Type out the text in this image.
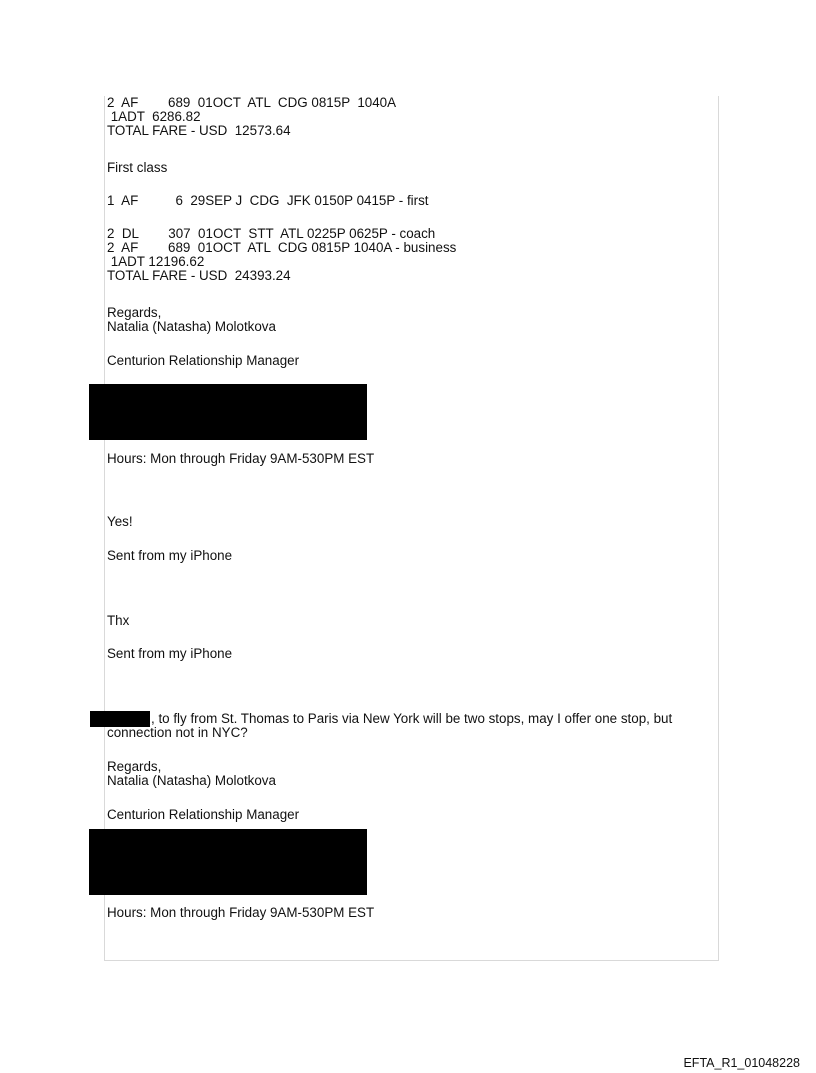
2  AF        689  01OCT  ATL  CDG 0815P  1040A
1ADT  6286.82
TOTAL FARE - USD  12573.64
First class
1  AF          6  29SEP J  CDG  JFK 0150P 0415P - first
2  DL        307  01OCT  STT  ATL 0225P 0625P - coach
2  AF        689  01OCT  ATL  CDG 0815P 1040A - business
1ADT 12196.62
TOTAL FARE - USD  24393.24
Regards,
Natalia (Natasha) Molotkova
Centurion Relationship Manager
Hours: Mon through Friday 9AM-530PM EST
Yes!
Sent from my iPhone
Thx
Sent from my iPhone
, to fly from St. Thomas to Paris via New York will be two stops, may I offer one stop, but
connection not in NYC?
Regards,
Natalia (Natasha) Molotkova
Centurion Relationship Manager
Hours: Mon through Friday 9AM-530PM EST
EFTA_R1_01048228
